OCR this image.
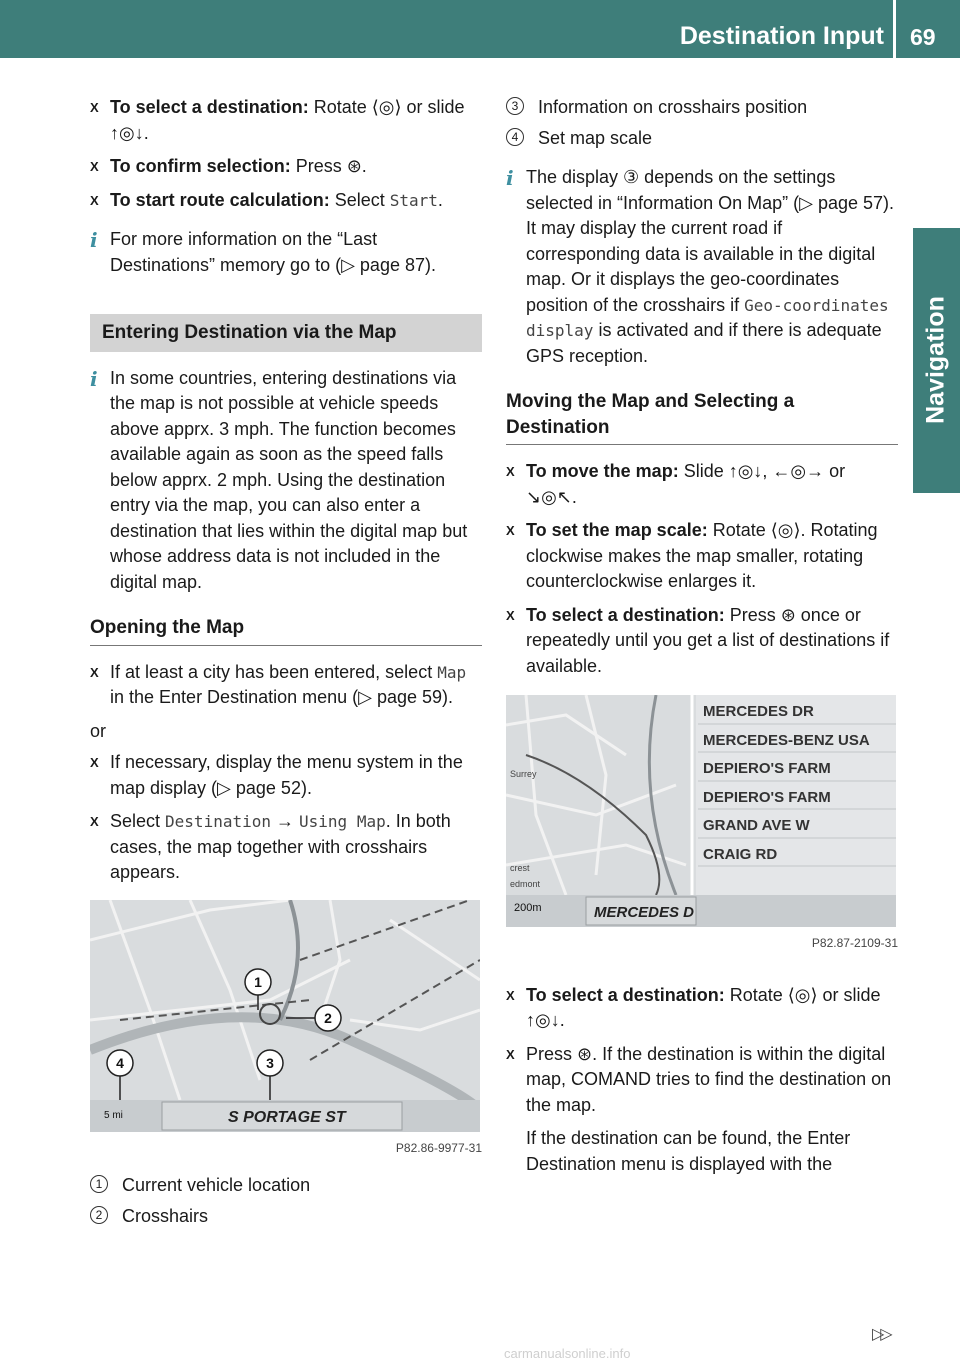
Destination Input 69
Navigation
X To select a destination: Rotate ⟨◎⟩ or slide ↑◎↓.
X To confirm selection: Press ⊛.
X To start route calculation: Select Start.
i For more information on the “Last Destinations” memory go to (▷ page 87).
Entering Destination via the Map
i In some countries, entering destinations via the map is not possible at vehicle speeds above apprx. 3 mph. The function becomes available again as soon as the speed falls below apprx. 2 mph. Using the destination entry via the map, you can also enter a destination that lies within the digital map but whose address data is not included in the digital map.
Opening the Map
X If at least a city has been entered, select Map in the Enter Destination menu (▷ page 59).
or
X If necessary, display the menu system in the map display (▷ page 52).
X Select Destination → Using Map. In both cases, the map together with crosshairs appears.
1
2
3
4
5 mi	S PORTAGE ST
P82.86-9977-31
1	Current vehicle location
2	Crosshairs
3	Information on crosshairs position
4	Set map scale
i The display ③ depends on the settings selected in “Information On Map” (▷ page 57). It may display the current road if corresponding data is available in the digital map. Or it displays the geo-coordinates position of the crosshairs if Geo-coordinates display is activated and if there is adequate GPS reception.
Moving the Map and Selecting a Destination
X To move the map: Slide ↑◎↓, ←◎→ or ↘◎↖.
X To set the map scale: Rotate ⟨◎⟩. Rotating clockwise makes the map smaller, rotating counterclockwise enlarges it.
X To select a destination: Press ⊛ once or repeatedly until you get a list of destinations if available.
MERCEDES DR
MERCEDES-BENZ USA
DEPIERO'S FARM
DEPIERO'S FARM
GRAND AVE W
CRAIG RD
Surrey
crest
edmont
200m	MERCEDES D
P82.87-2109-31
X To select a destination: Rotate ⟨◎⟩ or slide ↑◎↓.
X Press ⊛. If the destination is within the digital map, COMAND tries to find the destination on the map.
If the destination can be found, the Enter Destination menu is displayed with the
▷▷
carmanualsonline.info
